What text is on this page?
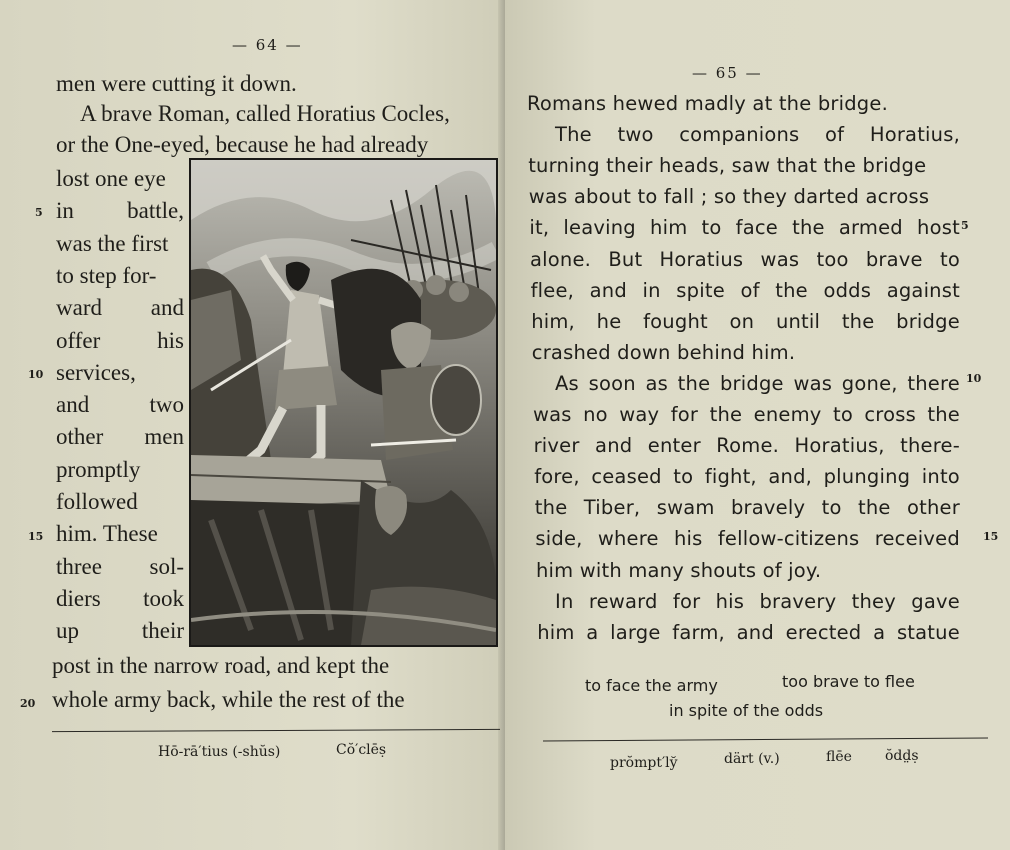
— 64 —
men were cutting it down.
A brave Roman, called Horatius Cocles,
or the One-eyed, because he had already
lost one eye
in battle,
was the first
to step for-
ward and
offer his
services,
and	two
other men
promptly
followed
him. These
three sol-
diers took
up	their
post in the narrow road, and kept the
whole army back, while the rest of the
5
10
15
20
Hō-rā′tius (-shŭs)	Cŏ′clēṣ
— 65 —
Romans hewed madly at the bridge.
The two companions of Horatius,
turning their heads, saw that the bridge
was about to fall ; so they darted across
it, leaving him to face the armed host
alone. But Horatius was too brave to
flee, and in spite of the odds against
him, he fought on until the bridge
crashed down behind him.
As soon as the bridge was gone, there
was no way for the enemy to cross the
river and enter Rome. Horatius, there-
fore, ceased to fight, and, plunging into
the Tiber, swam bravely to the other
side, where his fellow-citizens received
him with many shouts of joy.
In reward for his bravery they gave
him a large farm, and erected a statue
5
10
15
to face the army	too brave to flee
in spite of the odds
prŏmpt′ly̆	därt (v.)	flēe ŏdd̤ṣ
